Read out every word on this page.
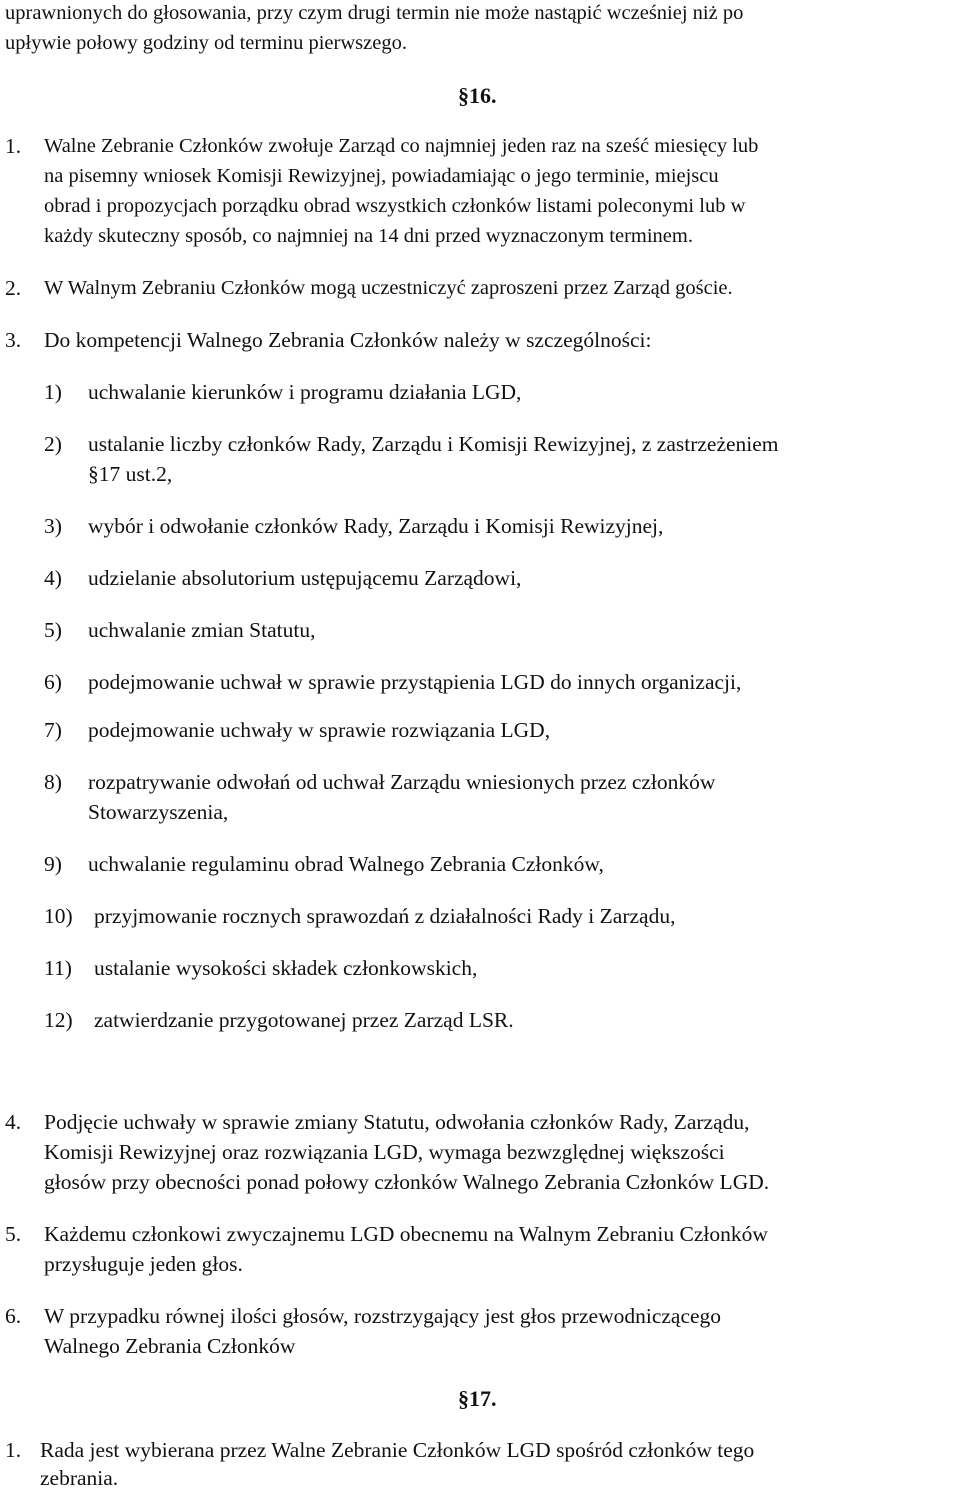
uprawnionych do głosowania, przy czym drugi termin nie może nastąpić wcześniej niż po
upływie połowy godziny od terminu pierwszego.
§16.
1. Walne Zebranie Członków zwołuje Zarząd co najmniej jeden raz na sześć miesięcy lub
na pisemny wniosek Komisji Rewizyjnej, powiadamiając o jego terminie, miejscu
obrad i propozycjach porządku obrad wszystkich członków listami poleconymi lub w
każdy skuteczny sposób, co najmniej na 14 dni przed wyznaczonym terminem.
2. W Walnym Zebraniu Członków mogą uczestniczyć zaproszeni przez Zarząd goście.
3. Do kompetencji Walnego Zebrania Członków należy w szczególności:
1) uchwalanie kierunków i programu działania LGD,
2) ustalanie liczby członków Rady, Zarządu i Komisji Rewizyjnej, z zastrzeżeniem
§17 ust.2,
3) wybór i odwołanie członków Rady, Zarządu i Komisji Rewizyjnej,
4) udzielanie absolutorium ustępującemu Zarządowi,
5) uchwalanie zmian Statutu,
6) podejmowanie uchwał w sprawie przystąpienia LGD do innych organizacji,
7) podejmowanie uchwały w sprawie rozwiązania LGD,
8) rozpatrywanie odwołań od uchwał Zarządu wniesionych przez członków
Stowarzyszenia,
9) uchwalanie regulaminu obrad Walnego Zebrania Członków,
10) przyjmowanie rocznych sprawozdań z działalności Rady i Zarządu,
11) ustalanie wysokości składek członkowskich,
12) zatwierdzanie przygotowanej przez Zarząd LSR.
4. Podjęcie uchwały w sprawie zmiany Statutu, odwołania członków Rady, Zarządu,
Komisji Rewizyjnej oraz rozwiązania LGD, wymaga bezwzględnej większości
głosów przy obecności ponad połowy członków Walnego Zebrania Członków LGD.
5. Każdemu członkowi zwyczajnemu LGD obecnemu na Walnym Zebraniu Członków
przysługuje jeden głos.
6. W przypadku równej ilości głosów, rozstrzygający jest głos przewodniczącego
Walnego Zebrania Członków
§17.
1. Rada jest wybierana przez Walne Zebranie Członków LGD spośród członków tego
zebrania.
